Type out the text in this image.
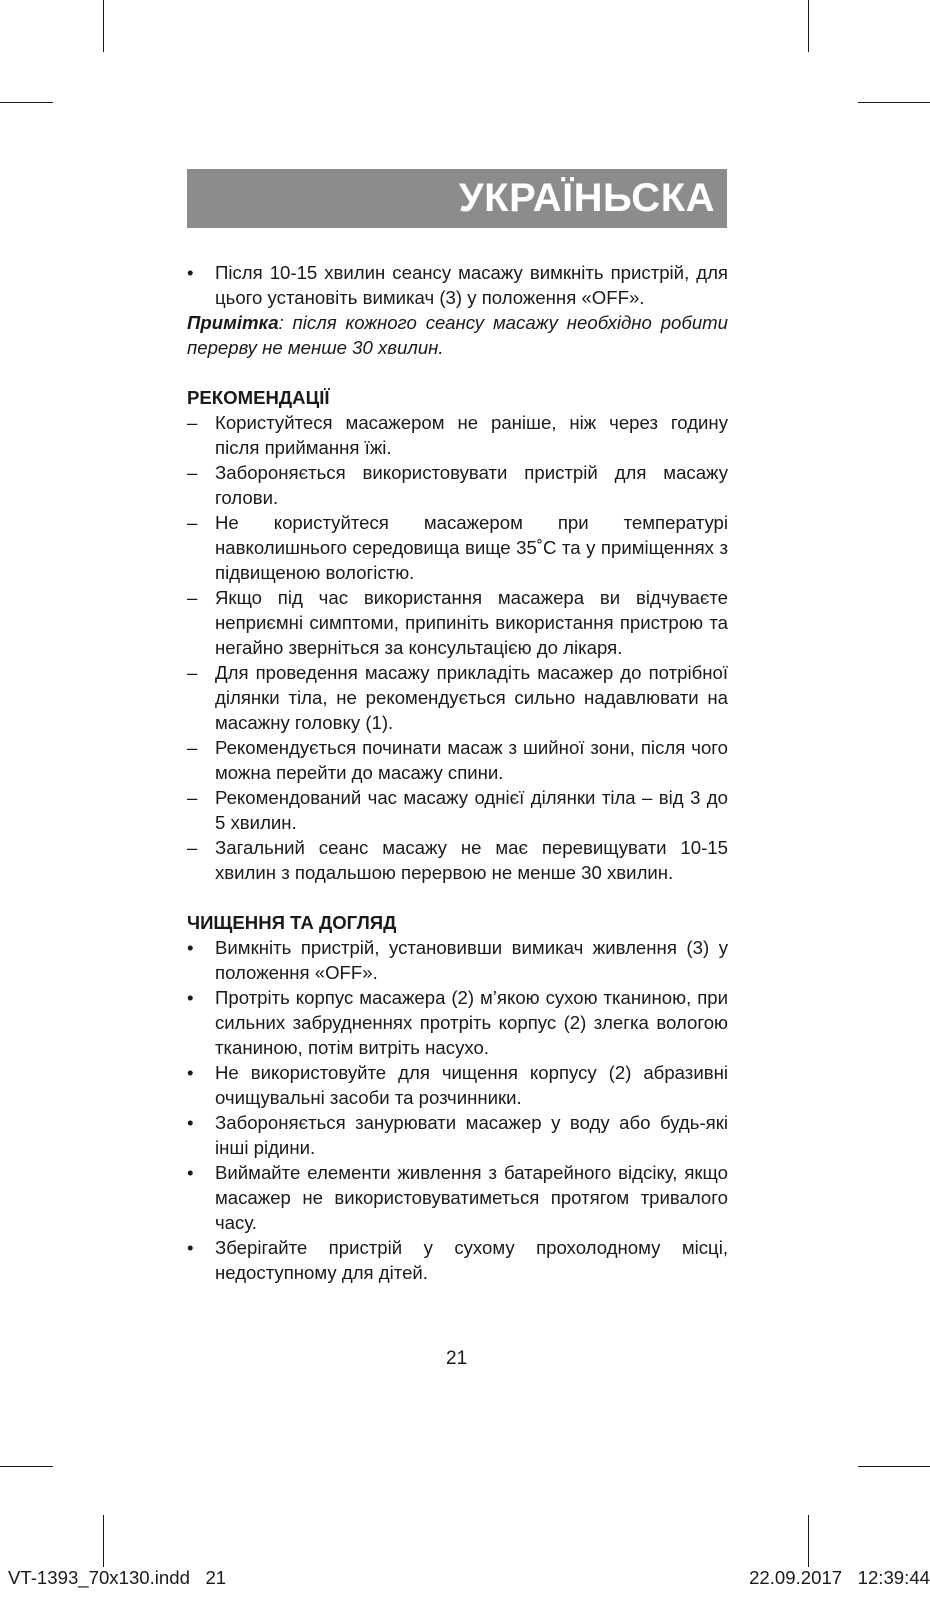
УКРАЇНЬСКА
•	Після 10-15 хвилин сеансу масажу вимкніть пристрій, для цього установіть вимикач (3) у положення «OFF».
Примітка: після кожного сеансу масажу необхідно робити перерву не менше 30 хвилин.
РЕКОМЕНДАЦІЇ
– Користуйтеся масажером не раніше, ніж через годину після приймання їжі.
– Забороняється використовувати пристрій для масажу голови.
– Не користуйтеся масажером при температурі навколишнього середовища вище 35˚С та у приміщеннях з підвищеною вологістю.
– Якщо під час використання масажера ви відчуваєте неприємні симптоми, припиніть використання пристрою та негайно зверніться за консультацією до лікаря.
– Для проведення масажу прикладіть масажер до потрібної ділянки тіла, не рекомендується сильно надавлювати на масажну головку (1).
– Рекомендується починати масаж з шийної зони, після чого можна перейти до масажу спини.
– Рекомендований час масажу однієї ділянки тіла – від 3 до 5 хвилин.
– Загальний сеанс масажу не має перевищувати 10-15 хвилин з подальшою перервою не менше 30 хвилин.
ЧИЩЕННЯ ТА ДОГЛЯД
•	Вимкніть пристрій, установивши вимикач живлення (3) у положення «OFF».
•	Протріть корпус масажера (2) м’якою сухою тканиною, при сильних забрудненнях протріть корпус (2) злегка вологою тканиною, потім витріть насухо.
•	Не використовуйте для чищення корпусу (2) абразивні очищувальні засоби та розчинники.
•	Забороняється занурювати масажер у воду або будь-які інші рідини.
•	Виймайте елементи живлення з батарейного відсіку, якщо масажер не використовуватиметься протягом тривалого часу.
•	Зберігайте пристрій у сухому прохолодному місці, недоступному для дітей.
21
VT-1393_70x130.indd   21	22.09.2017   12:39:44
